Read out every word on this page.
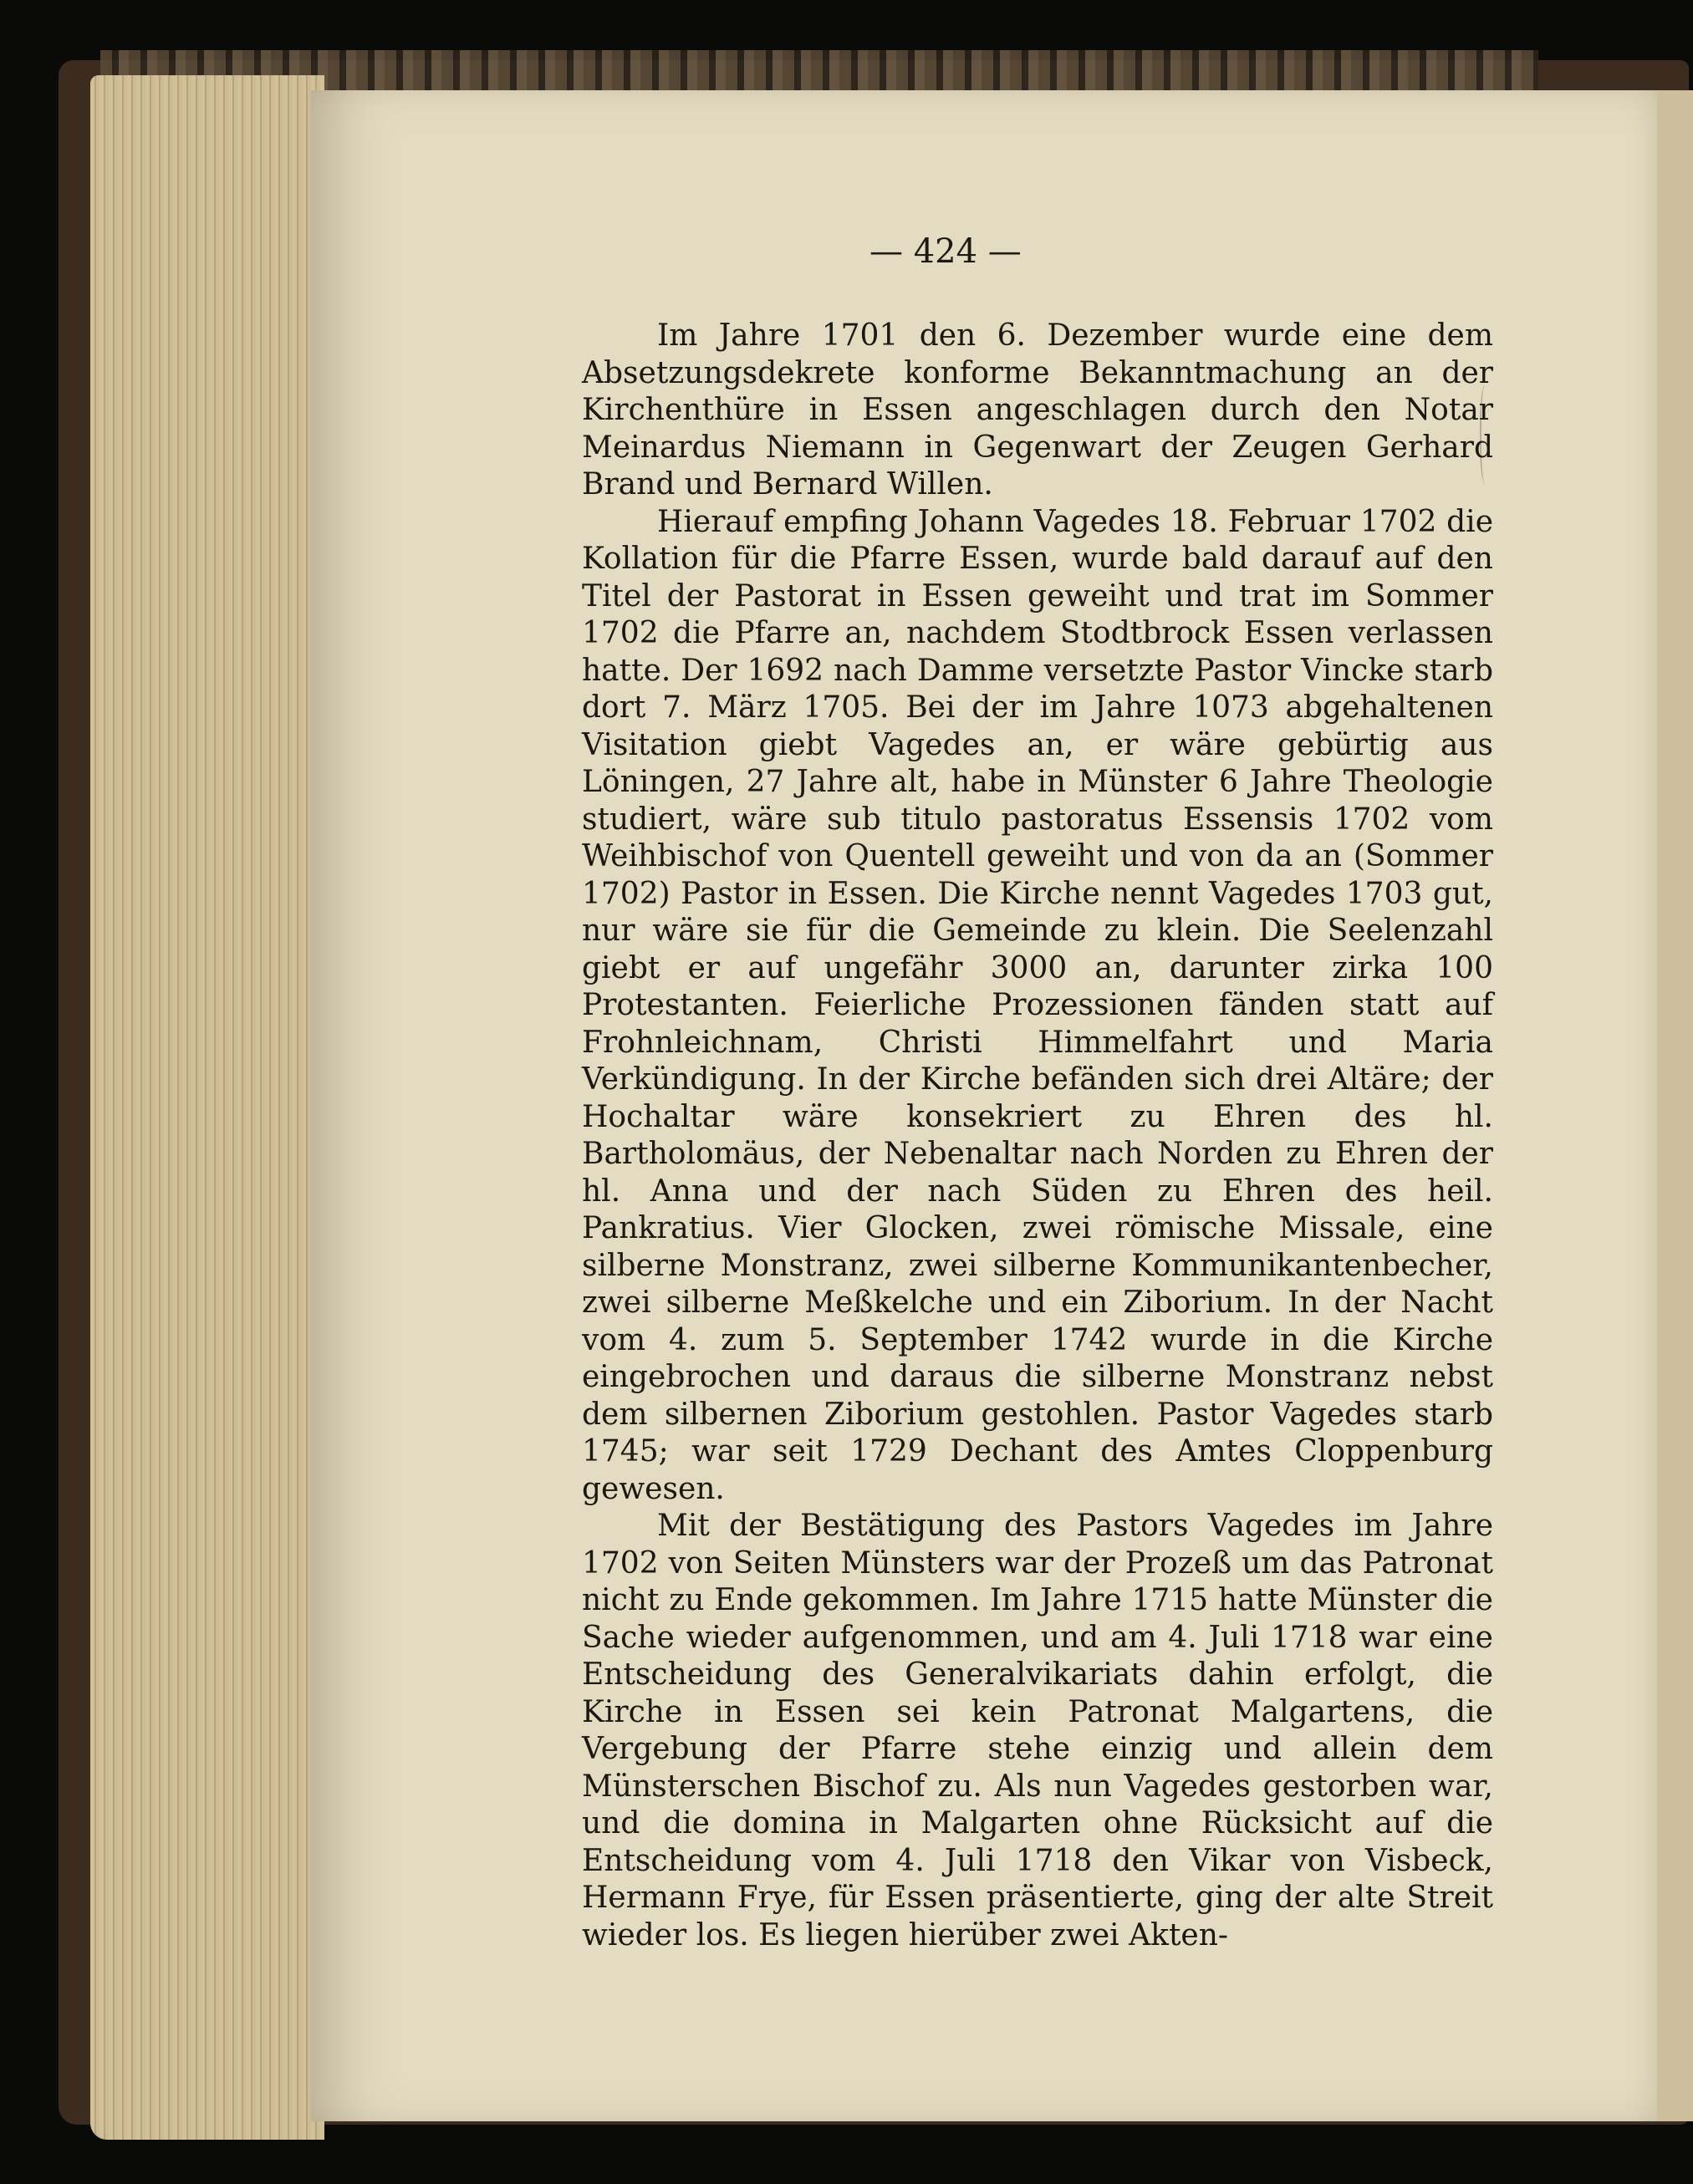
— 424 —

Im Jahre 1701 den 6. Dezember wurde eine dem Absetzungsdekrete konforme Bekanntmachung an der Kirchenthüre in Essen angeschlagen durch den Notar Meinardus Niemann in Gegenwart der Zeugen Gerhard Brand und Bernard Willen.

Hierauf empfing Johann Vagedes 18. Februar 1702 die Kollation für die Pfarre Essen, wurde bald darauf auf den Titel der Pastorat in Essen geweiht und trat im Sommer 1702 die Pfarre an, nachdem Stodtbrock Essen verlassen hatte. Der 1692 nach Damme versetzte Pastor Vincke starb dort 7. März 1705. Bei der im Jahre 1073 abgehaltenen Visitation giebt Vagedes an, er wäre gebürtig aus Löningen, 27 Jahre alt, habe in Münster 6 Jahre Theologie studiert, wäre sub titulo pastoratus Essensis 1702 vom Weihbischof von Quentell geweiht und von da an (Sommer 1702) Pastor in Essen. Die Kirche nennt Vagedes 1703 gut, nur wäre sie für die Gemeinde zu klein. Die Seelenzahl giebt er auf ungefähr 3000 an, darunter zirka 100 Protestanten. Feierliche Prozessionen fänden statt auf Frohnleichnam, Christi Himmelfahrt und Maria Verkündigung. In der Kirche befänden sich drei Altäre; der Hochaltar wäre konsekriert zu Ehren des hl. Bartholomäus, der Nebenaltar nach Norden zu Ehren der hl. Anna und der nach Süden zu Ehren des heil. Pankratius. Vier Glocken, zwei römische Missale, eine silberne Monstranz, zwei silberne Kommunikantenbecher, zwei silberne Meßkelche und ein Ziborium. In der Nacht vom 4. zum 5. September 1742 wurde in die Kirche eingebrochen und daraus die silberne Monstranz nebst dem silbernen Ziborium gestohlen. Pastor Vagedes starb 1745; war seit 1729 Dechant des Amtes Cloppenburg gewesen.

Mit der Bestätigung des Pastors Vagedes im Jahre 1702 von Seiten Münsters war der Prozeß um das Patronat nicht zu Ende gekommen. Im Jahre 1715 hatte Münster die Sache wieder aufgenommen, und am 4. Juli 1718 war eine Entscheidung des Generalvikariats dahin erfolgt, die Kirche in Essen sei kein Patronat Malgartens, die Vergebung der Pfarre stehe einzig und allein dem Münsterschen Bischof zu. Als nun Vagedes gestorben war, und die domina in Malgarten ohne Rücksicht auf die Entscheidung vom 4. Juli 1718 den Vikar von Visbeck, Hermann Frye, für Essen präsentierte, ging der alte Streit wieder los. Es liegen hierüber zwei Akten-
